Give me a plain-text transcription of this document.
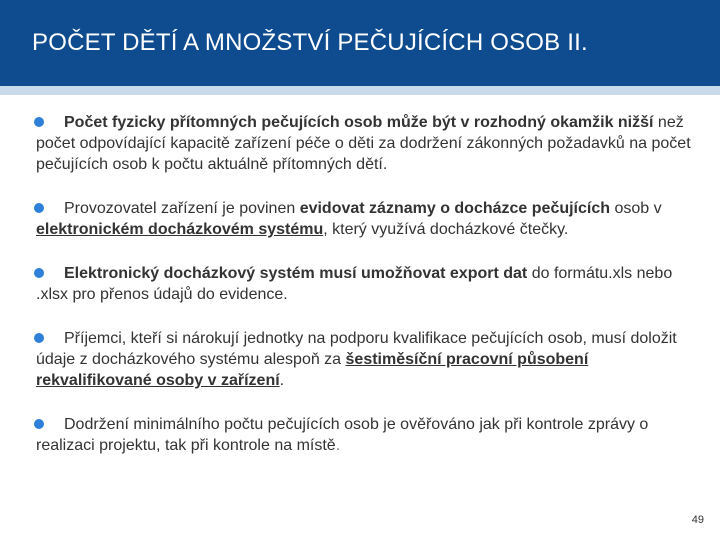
POČET DĚTÍ A MNOŽSTVÍ PEČUJÍCÍCH OSOB II.

Počet fyzicky přítomných pečujících osob může být v rozhodný okamžik nižší než počet odpovídající kapacitě zařízení péče o děti za dodržení zákonných požadavků na počet pečujících osob k počtu aktuálně přítomných dětí.

Provozovatel zařízení je povinen evidovat záznamy o docházce pečujících osob v elektronickém docházkovém systému, který využívá docházkové čtečky.

Elektronický docházkový systém musí umožňovat export dat do formátu.xls nebo .xlsx pro přenos údajů do evidence.

Příjemci, kteří si nárokují jednotky na podporu kvalifikace pečujících osob, musí doložit údaje z docházkového systému alespoň za šestiměsíční pracovní působení rekvalifikované osoby v zařízení.

Dodržení minimálního počtu pečujících osob je ověřováno jak při kontrole zprávy o realizaci projektu, tak při kontrole na místě.

49
